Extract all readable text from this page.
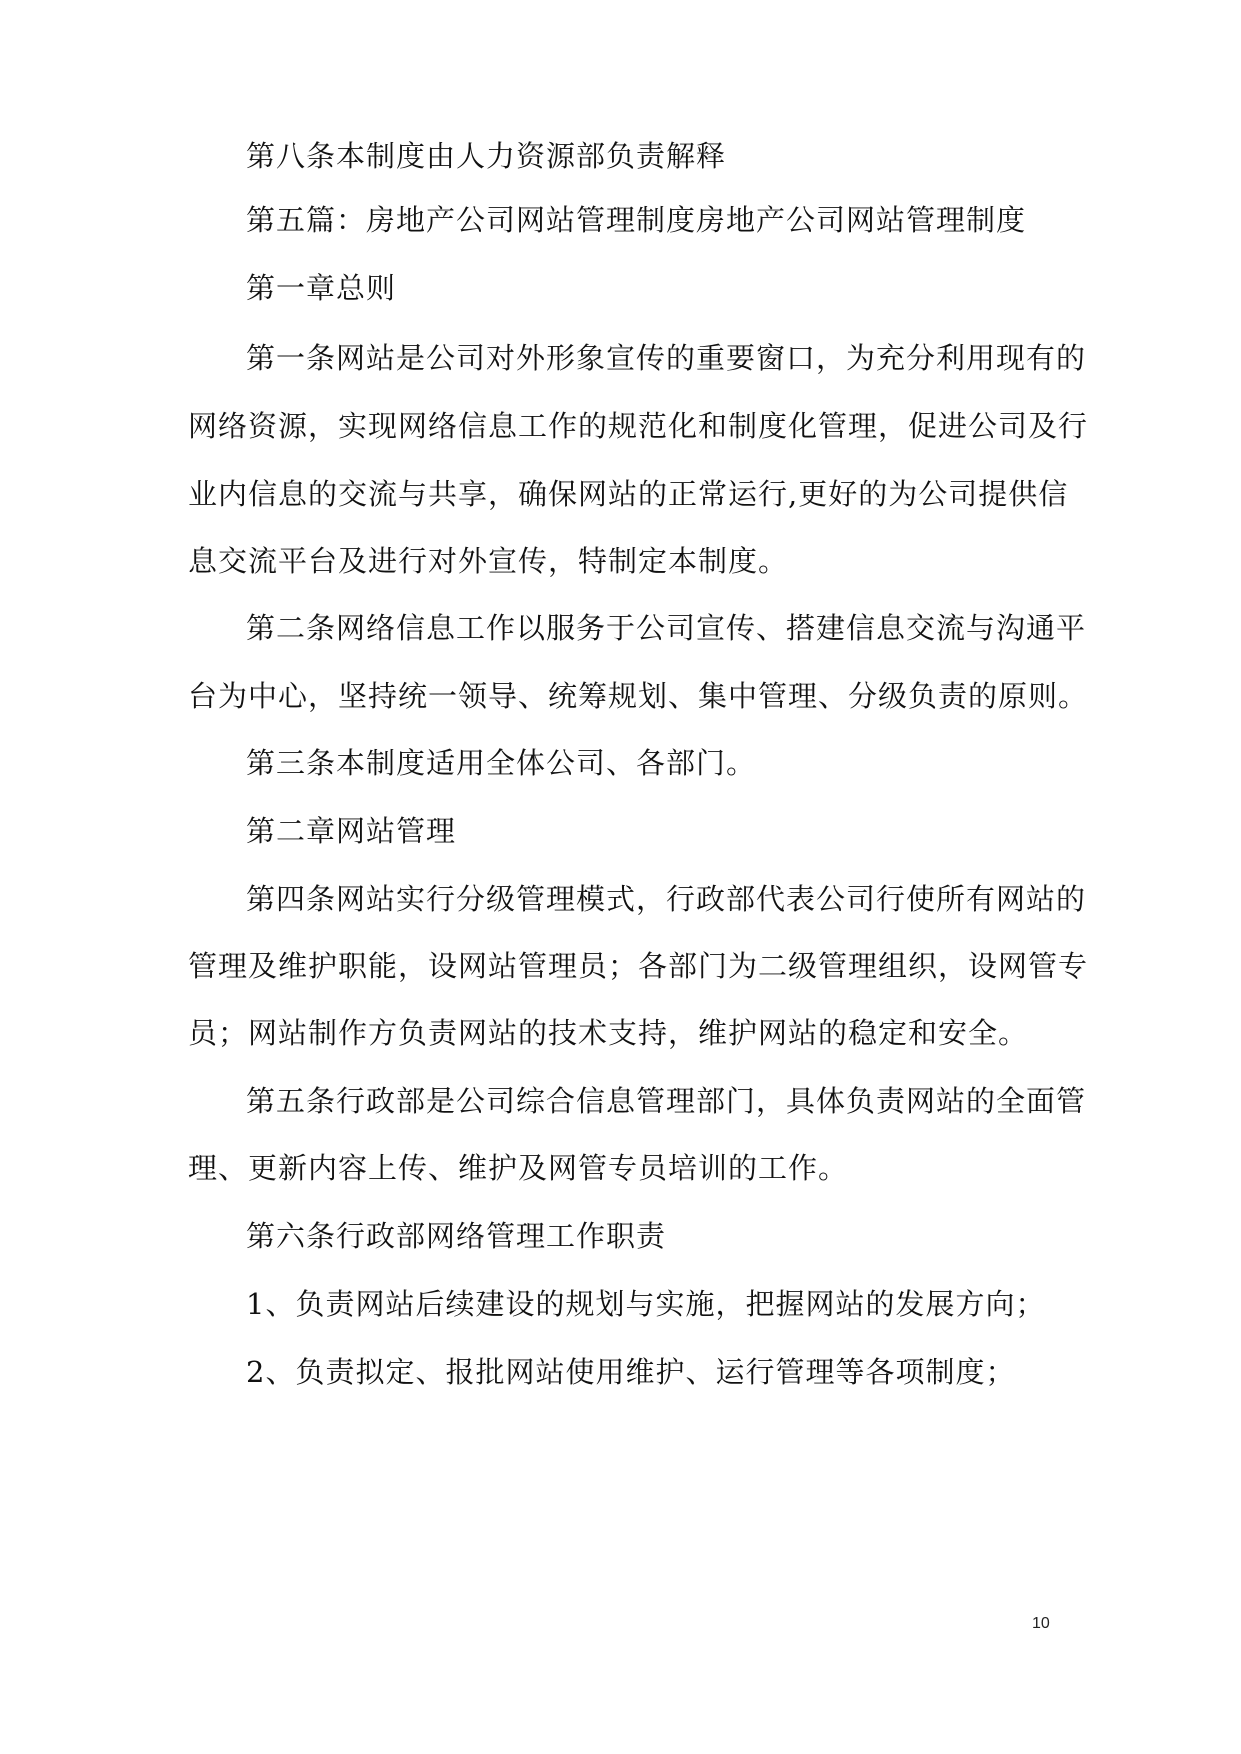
第八条本制度由人力资源部负责解释
第五篇：房地产公司网站管理制度房地产公司网站管理制度
第一章总则
第一条网站是公司对外形象宣传的重要窗口，为充分利用现有的
网络资源，实现网络信息工作的规范化和制度化管理，促进公司及行
业内信息的交流与共享，确保网站的正常运行,更好的为公司提供信
息交流平台及进行对外宣传，特制定本制度。
第二条网络信息工作以服务于公司宣传、搭建信息交流与沟通平
台为中心，坚持统一领导、统筹规划、集中管理、分级负责的原则。
第三条本制度适用全体公司、各部门。
第二章网站管理
第四条网站实行分级管理模式，行政部代表公司行使所有网站的
管理及维护职能，设网站管理员；各部门为二级管理组织，设网管专
员；网站制作方负责网站的技术支持，维护网站的稳定和安全。
第五条行政部是公司综合信息管理部门，具体负责网站的全面管
理、更新内容上传、维护及网管专员培训的工作。
第六条行政部网络管理工作职责
1、负责网站后续建设的规划与实施，把握网站的发展方向；
2、负责拟定、报批网站使用维护、运行管理等各项制度；
10
